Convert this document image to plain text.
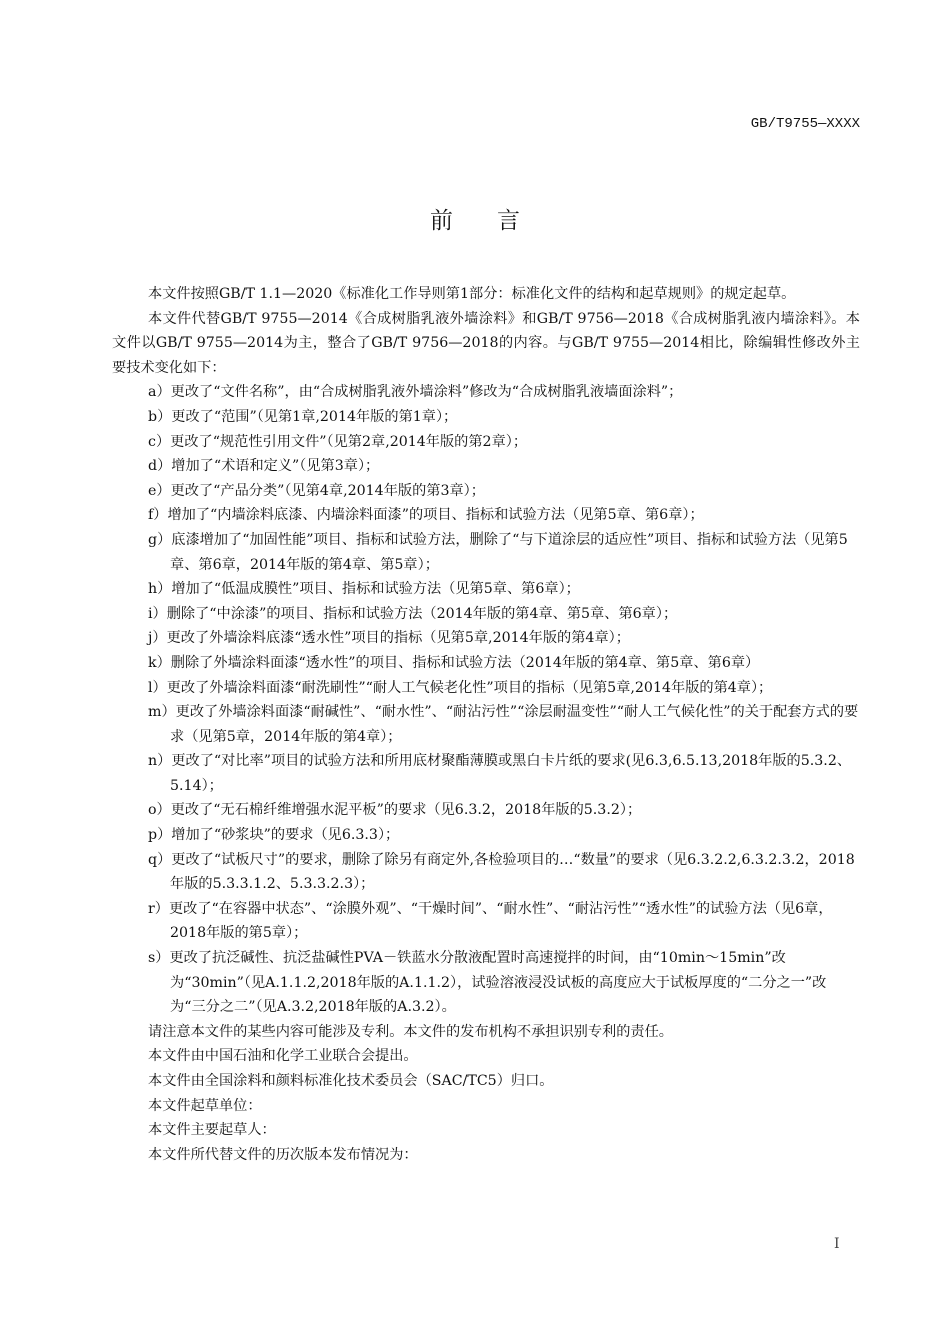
GB/T9755—XXXX
前言

本文件按照GB/T 1.1—2020《标准化工作导则第1部分：标准化文件的结构和起草规则》的规定起草。

本文件代替GB/T 9755—2014《合成树脂乳液外墙涂料》和GB/T 9756—2018《合成树脂乳液内墙涂料》。本文件以GB/T 9755—2014为主，整合了GB/T 9756—2018的内容。与GB/T 9755—2014相比，除编辑性修改外主要技术变化如下：

a）更改了“文件名称”，由“合成树脂乳液外墙涂料”修改为“合成树脂乳液墙面涂料”；

b）更改了“范围”（见第1章,2014年版的第1章）；

c）更改了“规范性引用文件”（见第2章,2014年版的第2章）；

d）增加了“术语和定义”（见第3章）；

e）更改了“产品分类”（见第4章,2014年版的第3章）；

f）增加了“内墙涂料底漆、内墙涂料面漆”的项目、指标和试验方法（见第5章、第6章）；

g）底漆增加了“加固性能”项目、指标和试验方法，删除了“与下道涂层的适应性”项目、指标和试验方法（见第5章、第6章，2014年版的第4章、第5章）；

h）增加了“低温成膜性”项目、指标和试验方法（见第5章、第6章）；

i）删除了“中涂漆”的项目、指标和试验方法（2014年版的第4章、第5章、第6章）；

j）更改了外墙涂料底漆“透水性”项目的指标（见第5章,2014年版的第4章）；

k）删除了外墙涂料面漆“透水性”的项目、指标和试验方法（2014年版的第4章、第5章、第6章）

l）更改了外墙涂料面漆“耐洗刷性”“耐人工气候老化性”项目的指标（见第5章,2014年版的第4章）；

m）更改了外墙涂料面漆“耐碱性”、“耐水性”、“耐沾污性”“涂层耐温变性”“耐人工气候化性”的关于配套方式的要求（见第5章，2014年版的第4章）；

n）更改了“对比率”项目的试验方法和所用底材聚酯薄膜或黑白卡片纸的要求(见6.3,6.5.13,2018年版的5.3.2、5.14）；

o）更改了“无石棉纤维增强水泥平板”的要求（见6.3.2，2018年版的5.3.2）；

p）增加了“砂浆块”的要求（见6.3.3）；

q）更改了“试板尺寸”的要求，删除了除另有商定外,各检验项目的…“数量”的要求（见6.3.2.2,6.3.2.3.2，2018年版的5.3.3.1.2、5.3.3.2.3）；

r）更改了“在容器中状态”、“涂膜外观”、“干燥时间”、“耐水性”、“耐沾污性”“透水性”的试验方法（见6章，2018年版的第5章）；

s）更改了抗泛碱性、抗泛盐碱性PVA－铁蓝水分散液配置时高速搅拌的时间，由“10min～15min”改为“30min”（见A.1.1.2,2018年版的A.1.1.2），试验溶液浸没试板的高度应大于试板厚度的“二分之一”改为“三分之二”（见A.3.2,2018年版的A.3.2）。

请注意本文件的某些内容可能涉及专利。本文件的发布机构不承担识别专利的责任。

本文件由中国石油和化学工业联合会提出。

本文件由全国涂料和颜料标准化技术委员会（SAC/TC5）归口。

本文件起草单位：

本文件主要起草人：

本文件所代替文件的历次版本发布情况为：

I
